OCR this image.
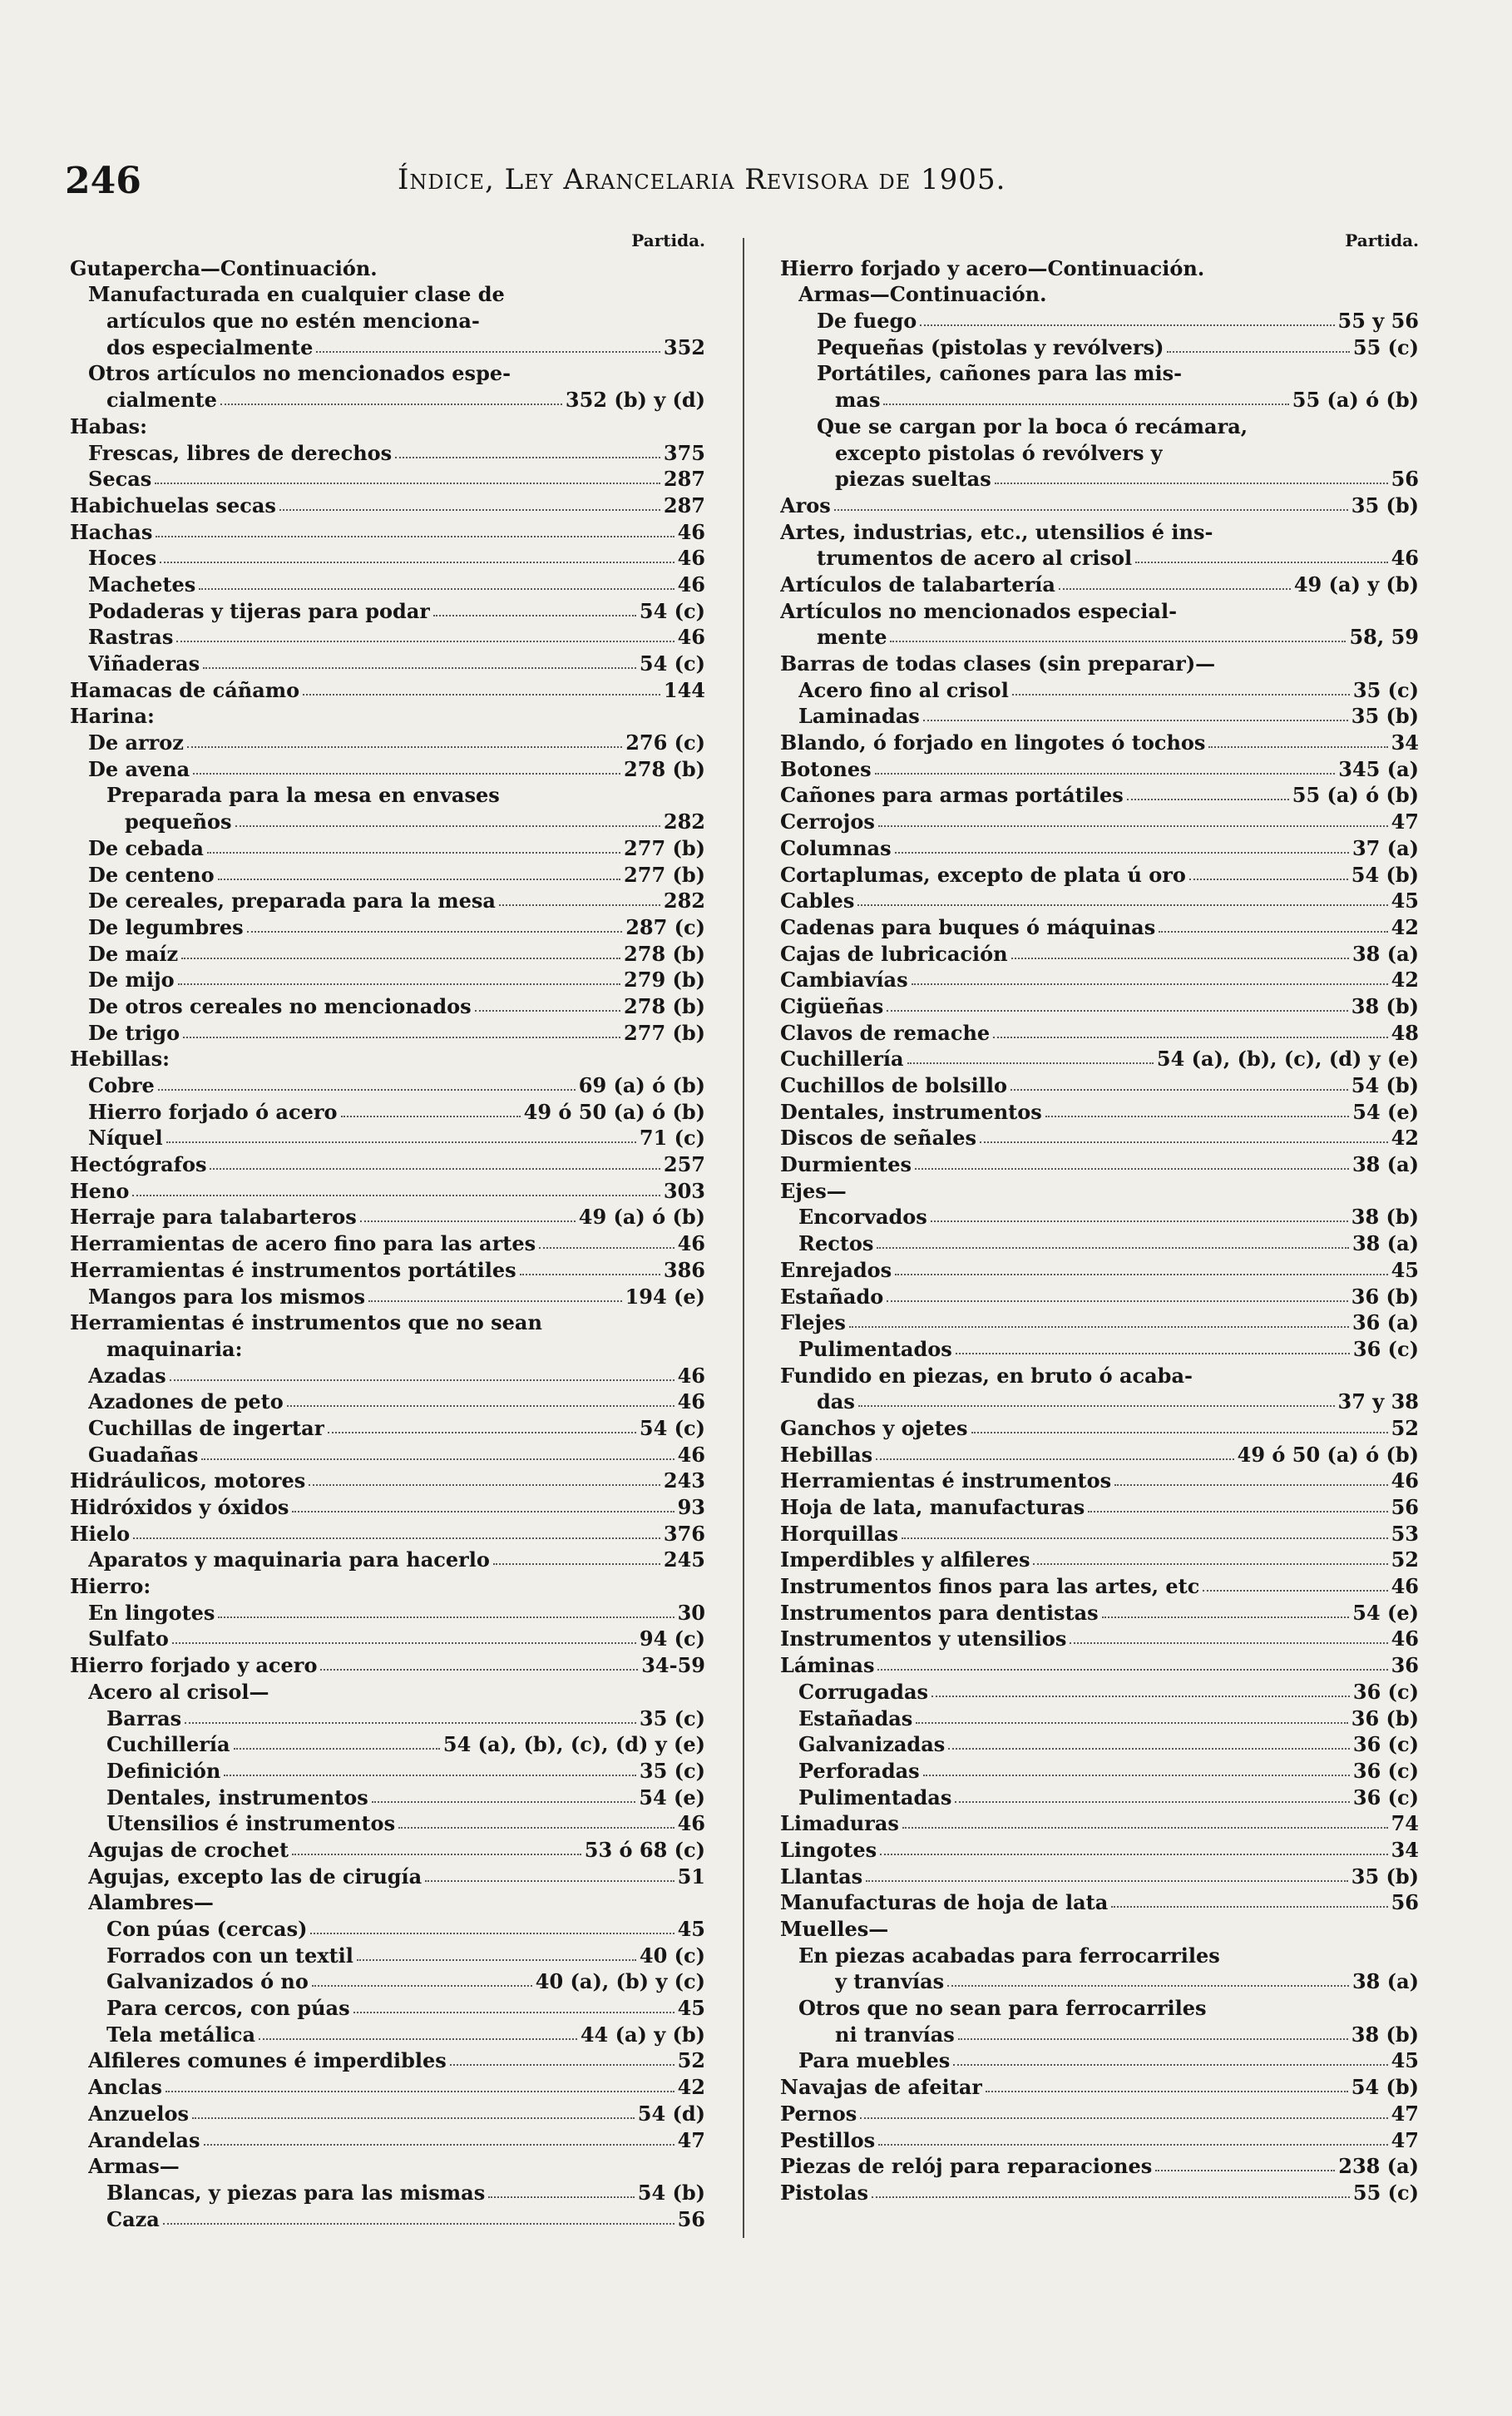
246	Índice, Ley Arancelaria Revisora de 1905.
Partida.
Gutapercha—Continuación.
Manufacturada en cualquier clase de
artículos que no estén menciona-
dos especialmente	352
Otros artículos no mencionados espe-
cialmente	352 (b) y (d)
Habas:
Frescas, libres de derechos	375
Secas	287
Habichuelas secas	287
Hachas	46
Hoces	46
Machetes	46
Podaderas y tijeras para podar	54 (c)
Rastras	46
Viñaderas	54 (c)
Hamacas de cáñamo	144
Harina:
De arroz	276 (c)
De avena	278 (b)
Preparada para la mesa en envases
pequeños	282
De cebada	277 (b)
De centeno	277 (b)
De cereales, preparada para la mesa	282
De legumbres	287 (c)
De maíz	278 (b)
De mijo	279 (b)
De otros cereales no mencionados	278 (b)
De trigo	277 (b)
Hebillas:
Cobre	69 (a) ó (b)
Hierro forjado ó acero	49 ó 50 (a) ó (b)
Níquel	71 (c)
Hectógrafos	257
Heno	303
Herraje para talabarteros	49 (a) ó (b)
Herramientas de acero fino para las artes	46
Herramientas é instrumentos portátiles	386
Mangos para los mismos	194 (e)
Herramientas é instrumentos que no sean
maquinaria:
Azadas	46
Azadones de peto	46
Cuchillas de ingertar	54 (c)
Guadañas	46
Hidráulicos, motores	243
Hidróxidos y óxidos	93
Hielo	376
Aparatos y maquinaria para hacerlo	245
Hierro:
En lingotes	30
Sulfato	94 (c)
Hierro forjado y acero	34-59
Acero al crisol—
Barras	35 (c)
Cuchillería	54 (a), (b), (c), (d) y (e)
Definición	35 (c)
Dentales, instrumentos	54 (e)
Utensilios é instrumentos	46
Agujas de crochet	53 ó 68 (c)
Agujas, excepto las de cirugía	51
Alambres—
Con púas (cercas)	45
Forrados con un textil	40 (c)
Galvanizados ó no	40 (a), (b) y (c)
Para cercos, con púas	45
Tela metálica	44 (a) y (b)
Alfileres comunes é imperdibles	52
Anclas	42
Anzuelos	54 (d)
Arandelas	47
Armas—
Blancas, y piezas para las mismas	54 (b)
Caza	56
Partida.
Hierro forjado y acero—Continuación.
Armas—Continuación.
De fuego	55 y 56
Pequeñas (pistolas y revólvers)	55 (c)
Portátiles, cañones para las mis-
mas	55 (a) ó (b)
Que se cargan por la boca ó recámara,
excepto pistolas ó revólvers y
piezas sueltas	56
Aros	35 (b)
Artes, industrias, etc., utensilios é ins-
trumentos de acero al crisol	46
Artículos de talabartería	49 (a) y (b)
Artículos no mencionados especial-
mente	58, 59
Barras de todas clases (sin preparar)—
Acero fino al crisol	35 (c)
Laminadas	35 (b)
Blando, ó forjado en lingotes ó tochos	34
Botones	345 (a)
Cañones para armas portátiles	55 (a) ó (b)
Cerrojos	47
Columnas	37 (a)
Cortaplumas, excepto de plata ú oro	54 (b)
Cables	45
Cadenas para buques ó máquinas	42
Cajas de lubricación	38 (a)
Cambiavías	42
Cigüeñas	38 (b)
Clavos de remache	48
Cuchillería	54 (a), (b), (c), (d) y (e)
Cuchillos de bolsillo	54 (b)
Dentales, instrumentos	54 (e)
Discos de señales	42
Durmientes	38 (a)
Ejes—
Encorvados	38 (b)
Rectos	38 (a)
Enrejados	45
Estañado	36 (b)
Flejes	36 (a)
Pulimentados	36 (c)
Fundido en piezas, en bruto ó acaba-
das	37 y 38
Ganchos y ojetes	52
Hebillas	49 ó 50 (a) ó (b)
Herramientas é instrumentos	46
Hoja de lata, manufacturas	56
Horquillas	53
Imperdibles y alfileres	52
Instrumentos finos para las artes, etc	46
Instrumentos para dentistas	54 (e)
Instrumentos y utensilios	46
Láminas	36
Corrugadas	36 (c)
Estañadas	36 (b)
Galvanizadas	36 (c)
Perforadas	36 (c)
Pulimentadas	36 (c)
Limaduras	74
Lingotes	34
Llantas	35 (b)
Manufacturas de hoja de lata	56
Muelles—
En piezas acabadas para ferrocarriles
y tranvías	38 (a)
Otros que no sean para ferrocarriles
ni tranvías	38 (b)
Para muebles	45
Navajas de afeitar	54 (b)
Pernos	47
Pestillos	47
Piezas de relój para reparaciones	238 (a)
Pistolas	55 (c)
